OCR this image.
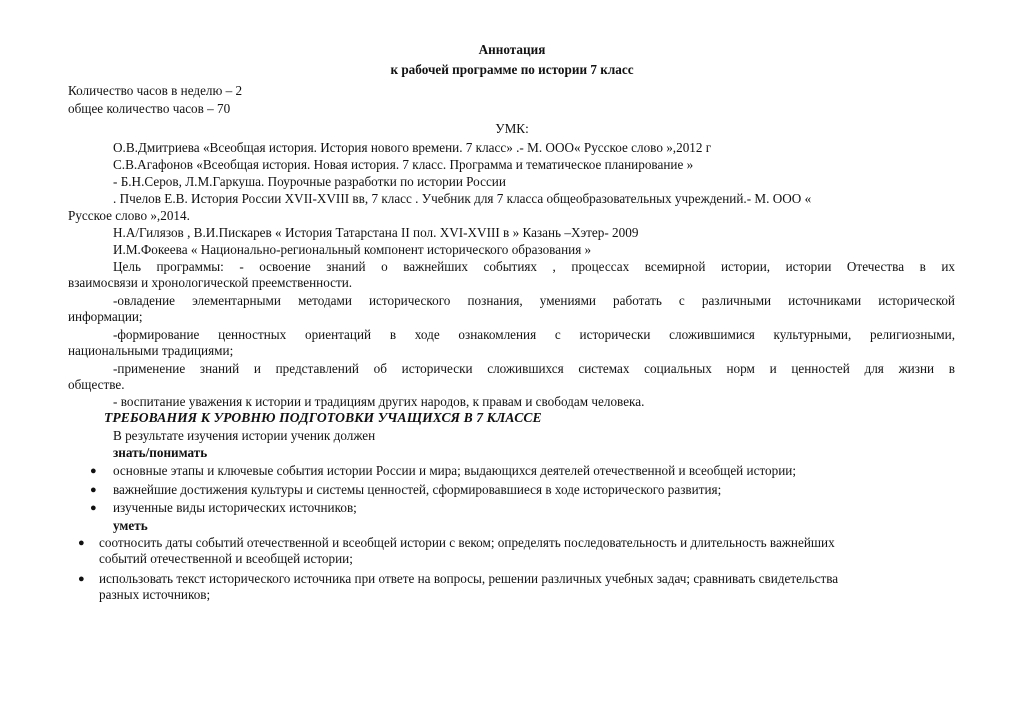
Аннотация
к рабочей программе по истории 7 класс
Количество часов в неделю – 2
общее количество часов – 70
УМК:
О.В.Дмитриева «Всеобщая история. История нового времени. 7 класс» .- М. ООО« Русское слово »,2012 г
С.В.Агафонов «Всеобщая история. Новая история. 7 класс. Программа и тематическое планирование »
- Б.Н.Серов, Л.М.Гаркуша. Поурочные разработки по истории России
. Пчелов Е.В. История России XVII-XVIII вв, 7 класс . Учебник для 7 класса общеобразовательных учреждений.- М. ООО «
Русское слово »,2014.
Н.А/Гилязов , В.И.Пискарев « История Татарстана II пол. XVI-XVIII в » Казань –Хэтер- 2009
И.М.Фокеева « Национально-региональный компонент исторического образования »
Цель программы: - освоение знаний о важнейших событиях , процессах всемирной истории, истории Отечества в их
взаимосвязи и хронологической преемственности.
-овладение элементарными методами исторического познания, умениями работать с различными источниками исторической
информации;
-формирование ценностных ориентаций в ходе ознакомления с исторически сложившимися культурными, религиозными,
национальными традициями;
-применение знаний и представлений об исторически сложившихся системах социальных норм и ценностей для жизни в
обществе.
- воспитание уважения к истории и традициям других народов, к правам и свободам человека.
ТРЕБОВАНИЯ К УРОВНЮ ПОДГОТОВКИ УЧАЩИХСЯ В 7 КЛАССЕ
В результате изучения истории ученик должен
знать/понимать
● основные этапы и ключевые события истории России и мира; выдающихся деятелей отечественной и всеобщей истории;
● важнейшие достижения культуры и системы ценностей, сформировавшиеся в ходе исторического развития;
● изученные виды исторических источников;
уметь
● соотносить даты событий отечественной и всеобщей истории с веком; определять последовательность и длительность важнейших
событий отечественной и всеобщей истории;
● использовать текст исторического источника при ответе на вопросы, решении различных учебных задач; сравнивать свидетельства
разных источников;
